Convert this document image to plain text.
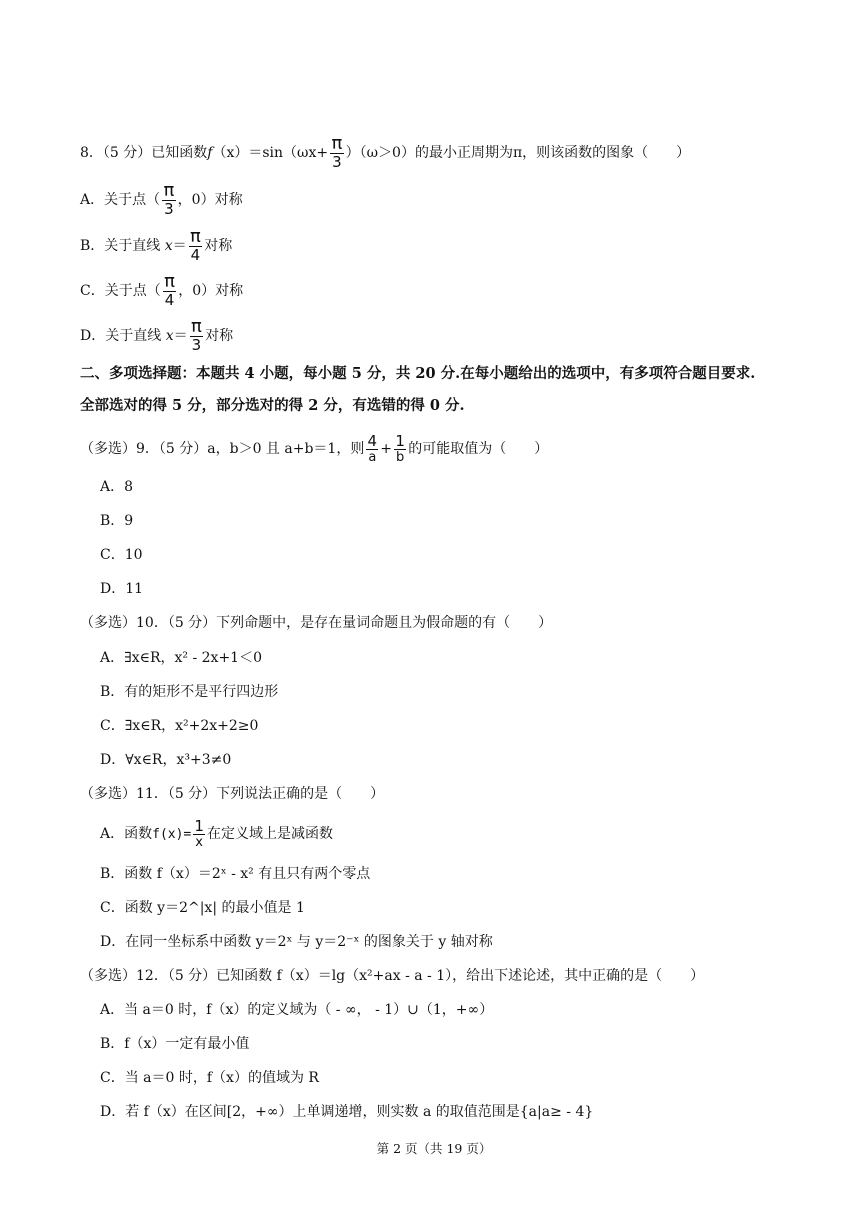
8．（5 分）已知函数$f(x)=\sin(\omega x+ \frac{\pi}{3} )(\omega>0)$的最小正周期为π，则该函数的图象（　　）
A．关于点（ $\frac{\pi}{3}$ ，0）对称
B．关于直线 $x= \frac{\pi}{4}$ 对称
C．关于点（ $\frac{\pi}{4}$ ，0）对称
D．关于直线 $x= \frac{\pi}{3}$ 对称
二、多项选择题：本题共 4 小题，每小题 5 分，共 20 分.在每小题给出的选项中，有多项符合题目要求.
全部选对的得 5 分，部分选对的得 2 分，有选错的得 0 分.
（多选）9．（5 分）a，b＞0 且 a+b＝1，则 $\frac{4}{a} + \frac{1}{b}$ 的可能取值为（　　）
A．8
B．9
C．10
D．11
（多选）10．（5 分）下列命题中，是存在量词命题且为假命题的有（　　）
A．∃x∈R，x² - 2x+1＜0
B．有的矩形不是平行四边形
C．∃x∈R，x²+2x+2≥0
D．∀x∈R，x³+3≠0
（多选）11．（5 分）下列说法正确的是（　　）
A．函数$f(x)= \frac{1}{x}$ 在定义域上是减函数
B．函数 f（x）＝2ˣ - x² 有且只有两个零点
C．函数 y＝2^|x| 的最小值是 1
D．在同一坐标系中函数 y＝2ˣ 与 y＝2⁻ˣ 的图象关于 y 轴对称
（多选）12．（5 分）已知函数 f（x）＝lg（x²+ax - a - 1），给出下述论述，其中正确的是（　　）
A．当 a＝0 时，f（x）的定义域为（ - ∞， - 1）∪（1，+∞）
B．f（x）一定有最小值
C．当 a＝0 时，f（x）的值域为 R
D．若 f（x）在区间[2，+∞）上单调递增，则实数 a 的取值范围是{a|a≥ - 4}
第 2 页（共 19 页）
